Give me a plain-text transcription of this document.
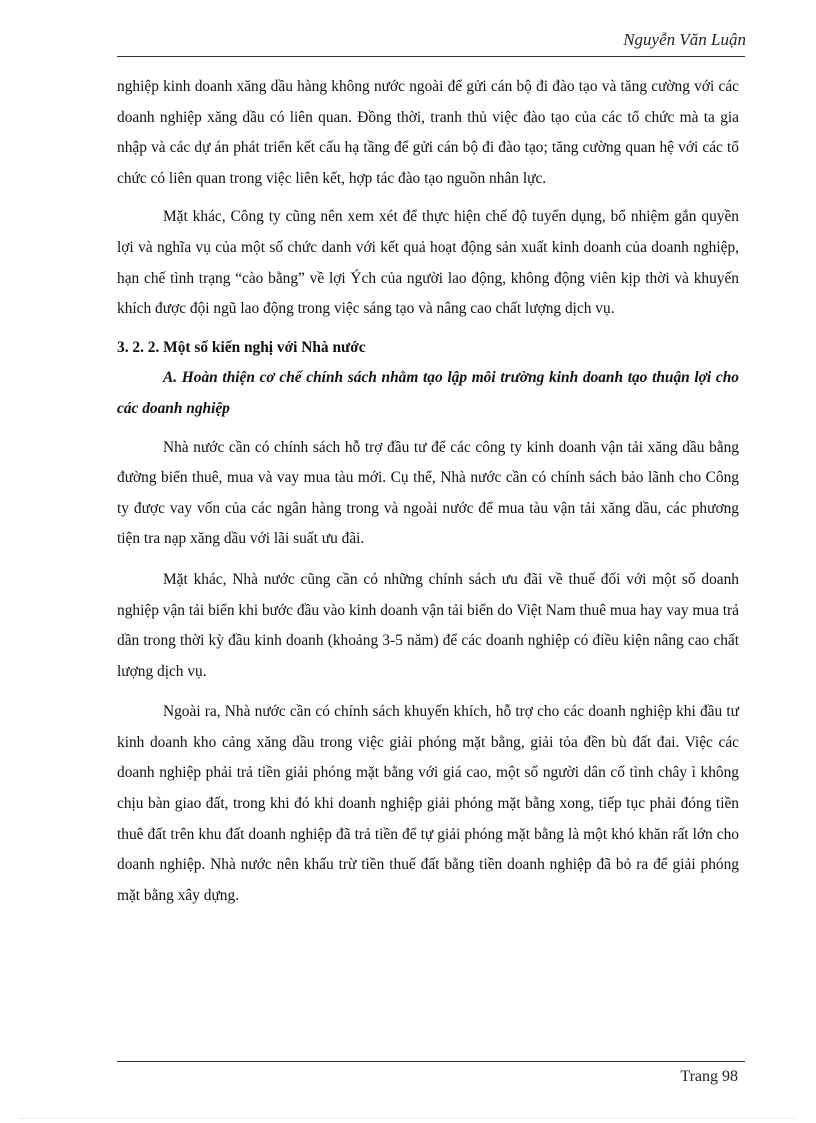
Nguyễn Văn Luận

nghiệp kinh doanh xăng dầu hàng không nước ngoài để gửi cán bộ đi đào tạo và tăng cường với các doanh nghiệp xăng dầu có liên quan. Đồng thời, tranh thủ việc đào tạo của các tổ chức mà ta gia nhập và các dự án phát triển kết cấu hạ tầng để gửi cán bộ đi đào tạo; tăng cường quan hệ với các tổ chức có liên quan trong việc liên kết, hợp tác đào tạo nguồn nhân lực.

Mặt khác, Công ty cũng nên xem xét để thực hiện chế độ tuyển dụng, bổ nhiệm gắn quyền lợi và nghĩa vụ của một số chức danh với kết quả hoạt động sản xuất kinh doanh của doanh nghiệp, hạn chế tình trạng “cào bằng” về lợi Ých của người lao động, không động viên kịp thời và khuyến khích được đội ngũ lao động trong việc sáng tạo và nâng cao chất lượng dịch vụ.

3. 2. 2. Một số kiến nghị với Nhà nước

A. Hoàn thiện cơ chế chính sách nhằm tạo lập môi trường kinh doanh tạo thuận lợi cho các doanh nghiệp

Nhà nước cần có chính sách hỗ trợ đầu tư để các công ty kinh doanh vận tải xăng dầu bằng đường biển thuê, mua và vay mua tàu mới. Cụ thể, Nhà nước cần có chính sách bảo lãnh cho Công ty được vay vốn của các ngân hàng trong và ngoài nước để mua tàu vận tải xăng dầu, các phương tiện tra nạp xăng dầu với lãi suất ưu đãi.

Mặt khác, Nhà nước cũng cần có những chính sách ưu đãi về thuế đối với một số doanh nghiệp vận tải biển khi bước đầu vào kinh doanh vận tải biển do Việt Nam thuê mua hay vay mua trả dần trong thời kỳ đầu kinh doanh (khoảng 3-5 năm) để các doanh nghiệp có điều kiện nâng cao chất lượng dịch vụ.

Ngoài ra, Nhà nước cần có chính sách khuyến khích, hỗ trợ cho các doanh nghiệp khi đầu tư kinh doanh kho cảng xăng dầu trong việc giải phóng mặt bằng, giải tỏa đền bù đất đai. Việc các doanh nghiệp phải trả tiền giải phóng mặt bằng với giá cao, một số người dân cố tình chây ì không chịu bàn giao đất, trong khi đó khi doanh nghiệp giải phóng mặt bằng xong, tiếp tục phải đóng tiền thuê đất trên khu đất doanh nghiệp đã trả tiền để tự giải phóng mặt bằng là một khó khăn rất lớn cho doanh nghiệp. Nhà nước nên khấu trừ tiền thuế đất bằng tiền doanh nghiệp đã bỏ ra để giải phóng mặt bằng xây dựng.

Trang 98
